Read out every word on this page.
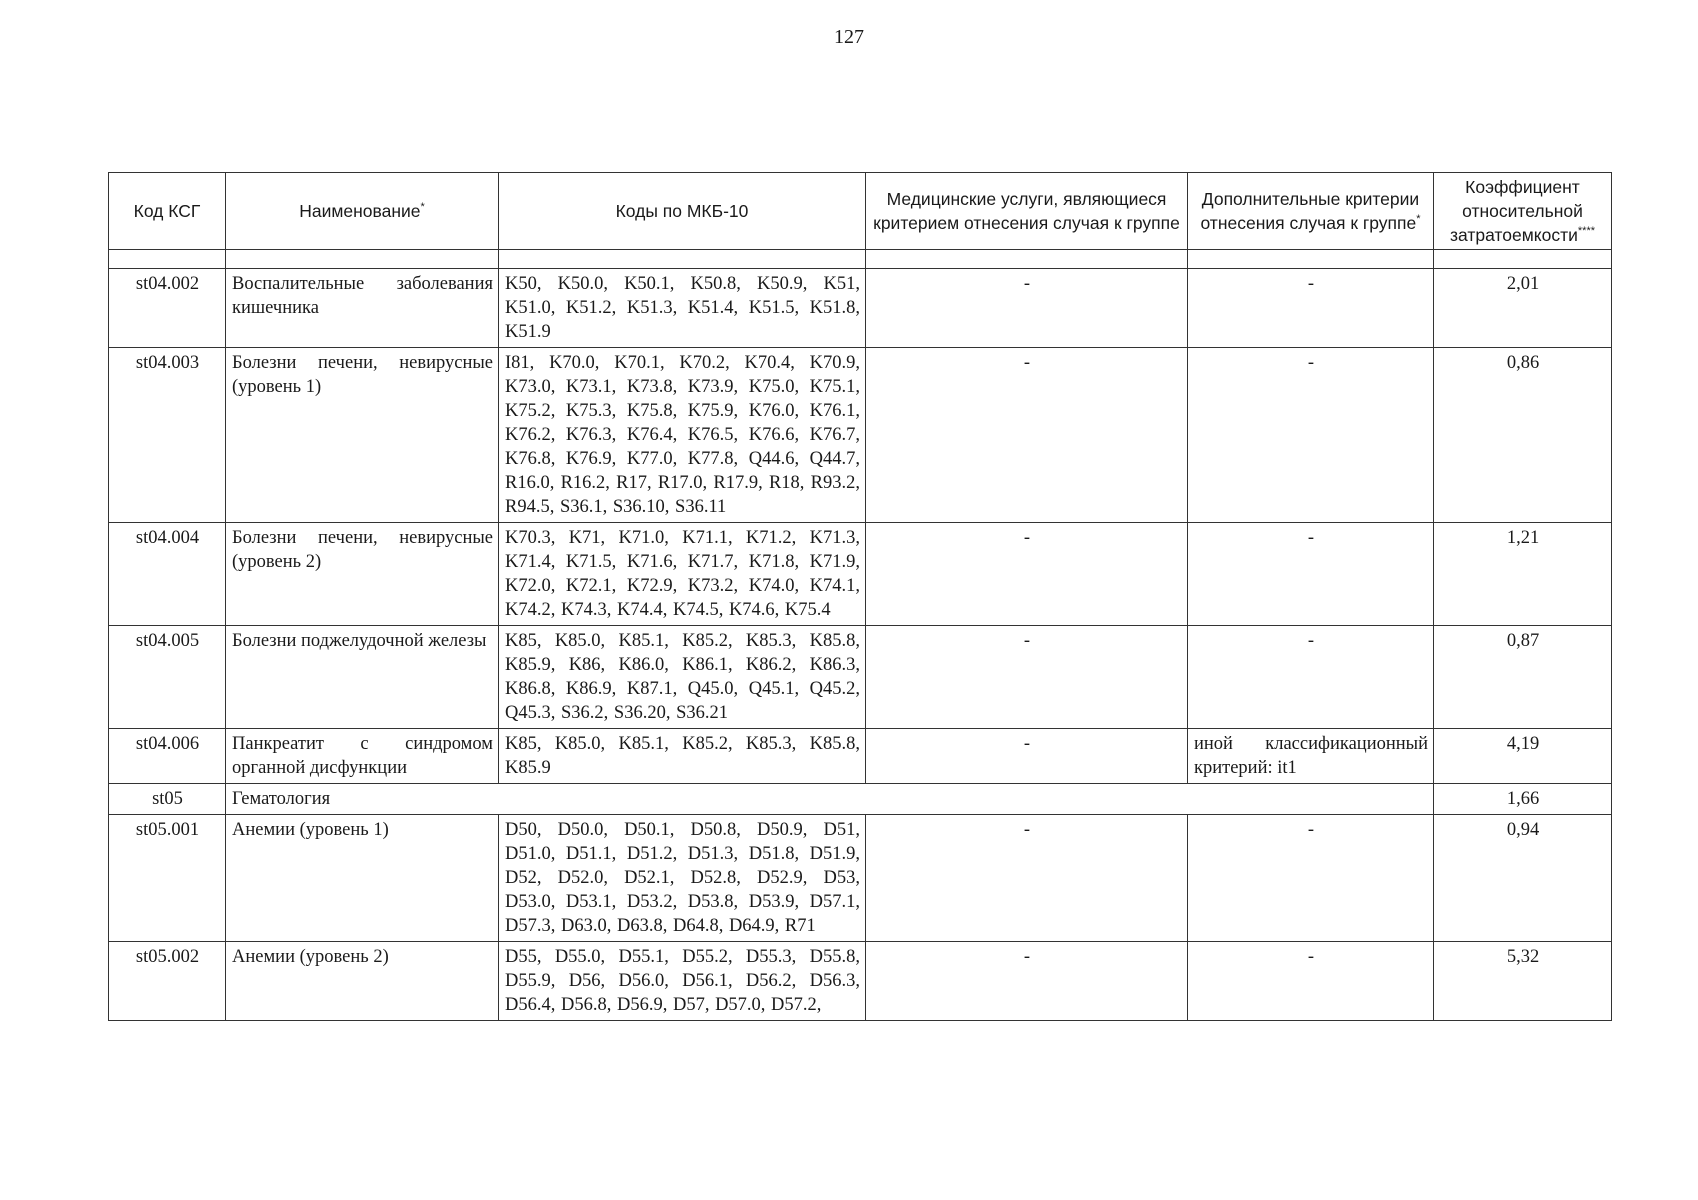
127
Код КСГ	Наименование*	Коды по МКБ-10	Медицинские услуги, являющиеся критерием отнесения случая к группе	Дополнительные критерии отнесения случая к группе*	Коэффициент относительной затратоемкости****

st04.002	Воспалительные заболевания кишечника	K50, K50.0, K50.1, K50.8, K50.9, K51, K51.0, K51.2, K51.3, K51.4, K51.5, K51.8, K51.9	-	-	2,01
st04.003	Болезни печени, невирусные (уровень 1)	I81, K70.0, K70.1, K70.2, K70.4, K70.9, K73.0, K73.1, K73.8, K73.9, K75.0, K75.1, K75.2, K75.3, K75.8, K75.9, K76.0, K76.1, K76.2, K76.3, K76.4, K76.5, K76.6, K76.7, K76.8, K76.9, K77.0, K77.8, Q44.6, Q44.7, R16.0, R16.2, R17, R17.0, R17.9, R18, R93.2, R94.5, S36.1, S36.10, S36.11	-	-	0,86
st04.004	Болезни печени, невирусные (уровень 2)	K70.3, K71, K71.0, K71.1, K71.2, K71.3, K71.4, K71.5, K71.6, K71.7, K71.8, K71.9, K72.0, K72.1, K72.9, K73.2, K74.0, K74.1, K74.2, K74.3, K74.4, K74.5, K74.6, K75.4	-	-	1,21
st04.005	Болезни поджелудочной железы	K85, K85.0, K85.1, K85.2, K85.3, K85.8, K85.9, K86, K86.0, K86.1, K86.2, K86.3, K86.8, K86.9, K87.1, Q45.0, Q45.1, Q45.2, Q45.3, S36.2, S36.20, S36.21	-	-	0,87
st04.006	Панкреатит с синдромом органной дисфункции	K85, K85.0, K85.1, K85.2, K85.3, K85.8, K85.9	-	иной классификационный критерий: it1	4,19
st05	Гематология				1,66
st05.001	Анемии (уровень 1)	D50, D50.0, D50.1, D50.8, D50.9, D51, D51.0, D51.1, D51.2, D51.3, D51.8, D51.9, D52, D52.0, D52.1, D52.8, D52.9, D53, D53.0, D53.1, D53.2, D53.8, D53.9, D57.1, D57.3, D63.0, D63.8, D64.8, D64.9, R71	-	-	0,94
st05.002	Анемии (уровень 2)	D55, D55.0, D55.1, D55.2, D55.3, D55.8, D55.9, D56, D56.0, D56.1, D56.2, D56.3, D56.4, D56.8, D56.9, D57, D57.0, D57.2,	-	-	5,32
